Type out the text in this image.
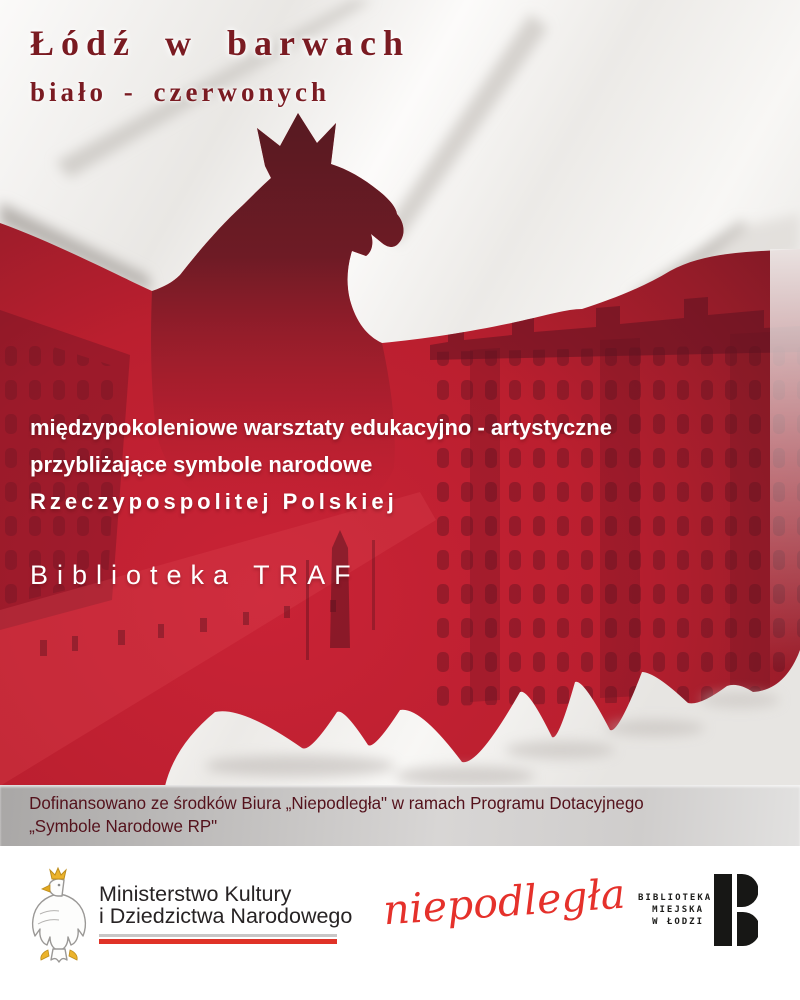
Łódź w barwach
biało - czerwonych
międzypokoleniowe warsztaty edukacyjno - artystyczne
przybliżające symbole narodowe
Rzeczypospolitej Polskiej
Biblioteka TRAF
Dofinansowano ze środków Biura „Niepodległa" w ramach Programu Dotacyjnego
„Symbole Narodowe RP"
Ministerstwo Kultury
i Dziedzictwa Narodowego niepodległa BIBLIOTEKA
MIEJSKA
W ŁODZI
